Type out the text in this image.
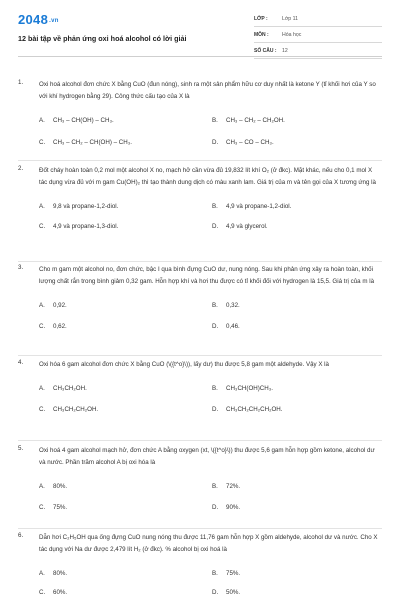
2048.vn
12 bài tập về phản ứng oxi hoá alcohol có lời giải
LỚP :	Lớp 11
MÔN :	Hóa học
SỐ CÂU :	12
1.	Oxi hoá alcohol đơn chức X bằng CuO (đun nóng), sinh ra một sản phẩm hữu cơ duy nhất là ketone Y (tỉ khối hơi của Y so với khí hydrogen bằng 29). Công thức cấu tạo của X là
A. CH₃ – CH(OH) – CH₃.	B. CH₃ – CH₂ – CH₂OH.
C. CH₃ – CH₂ – CH(OH) – CH₃.	D. CH₃ – CO – CH₃.
2.	Đốt cháy hoàn toàn 0,2 mol một alcohol X no, mạch hở cần vừa đủ 19,832 lít khí O₂ (ở đkc). Mặt khác, nếu cho 0,1 mol X tác dụng vừa đủ với m gam Cu(OH)₂ thì tạo thành dung dịch có màu xanh lam. Giá trị của m và tên gọi của X tương ứng là
A. 9,8 và propane-1,2-diol.	B. 4,9 và propane-1,2-diol.
C. 4,9 và propane-1,3-diol.	D. 4,9 và glycerol.
3.	Cho m gam một alcohol no, đơn chức, bậc I qua bình đựng CuO dư, nung nóng. Sau khi phản ứng xảy ra hoàn toàn, khối lượng chất rắn trong bình giảm 0,32 gam. Hỗn hợp khí và hơi thu được có tỉ khối đối với hydrogen là 15,5. Giá trị của m là
A. 0,92.	B. 0,32.
C. 0,62.	D. 0,46.
4.	Oxi hóa 6 gam alcohol đơn chức X bằng CuO (\({t^o}\)), lấy dư) thu được 5,8 gam một aldehyde. Vậy X là
A. CH₃CH₂OH.	B. CH₃CH(OH)CH₃.
C. CH₃CH₂CH₂OH.	D. CH₃CH₂CH₂CH₂OH.
5.	Oxi hoá 4 gam alcohol mạch hở, đơn chức A bằng oxygen (xt, \({t^o}\)) thu được 5,6 gam hỗn hợp gồm ketone, alcohol dư và nước. Phần trăm alcohol A bị oxi hóa là
A. 80%.	B. 72%.
C. 75%.	D. 90%.
6.	Dẫn hơi C₂H₅OH qua ống đựng CuO nung nóng thu được 11,76 gam hỗn hợp X gồm aldehyde, alcohol dư và nước. Cho X tác dụng với Na dư được 2,479 lít H₂ (ở đkc). % alcohol bị oxi hoá là
A. 80%.	B. 75%.
C. 60%.	D. 50%.
